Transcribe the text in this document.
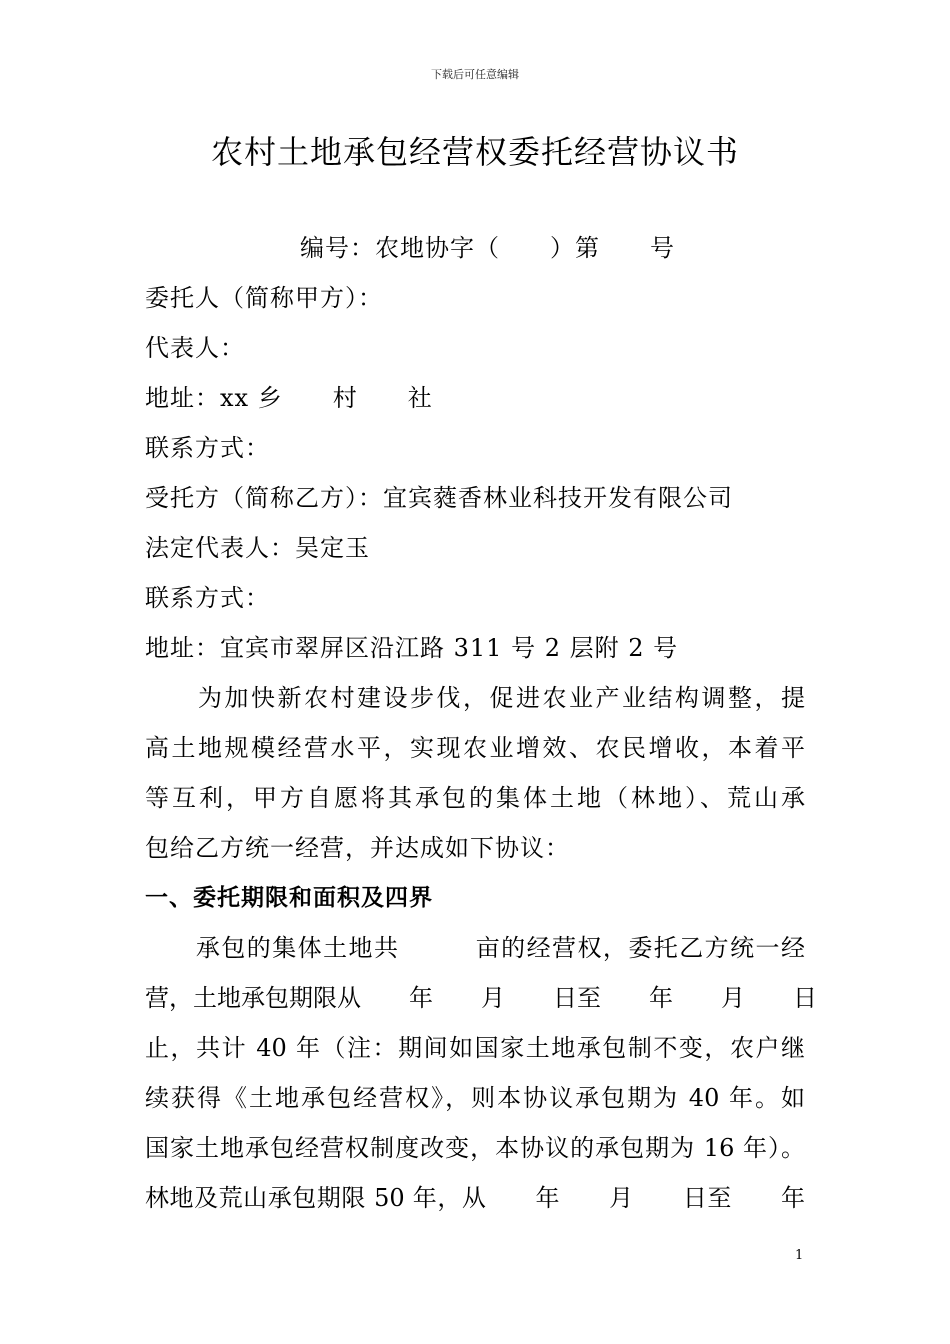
下载后可任意编辑
农村土地承包经营权委托经营协议书
编号：农地协字（　　）第　　号
委托人（简称甲方）：
代表人：
地址：xx 乡　　村　　社
联系方式：
受托方（简称乙方）：宜宾蕤香林业科技开发有限公司
法定代表人：吴定玉
联系方式：
地址：宜宾市翠屏区沿江路 311 号 2 层附 2 号
　　为加快新农村建设步伐，促进农业产业结构调整，提
高土地规模经营水平，实现农业增效、农民增收，本着平
等互利，甲方自愿将其承包的集体土地（林地）、荒山承
包给乙方统一经营，并达成如下协议：
一、委托期限和面积及四界
　　承包的集体土地共　　　亩的经营权，委托乙方统一经
营，土地承包期限从　　年　　月　　日至　　年　　月　　日
止，共计 40 年（注：期间如国家土地承包制不变，农户继
续获得《土地承包经营权》，则本协议承包期为 40 年。如
国家土地承包经营权制度改变，本协议的承包期为 16 年）。
林地及荒山承包期限 50 年，从　　年　　月　　日至　　年
1
